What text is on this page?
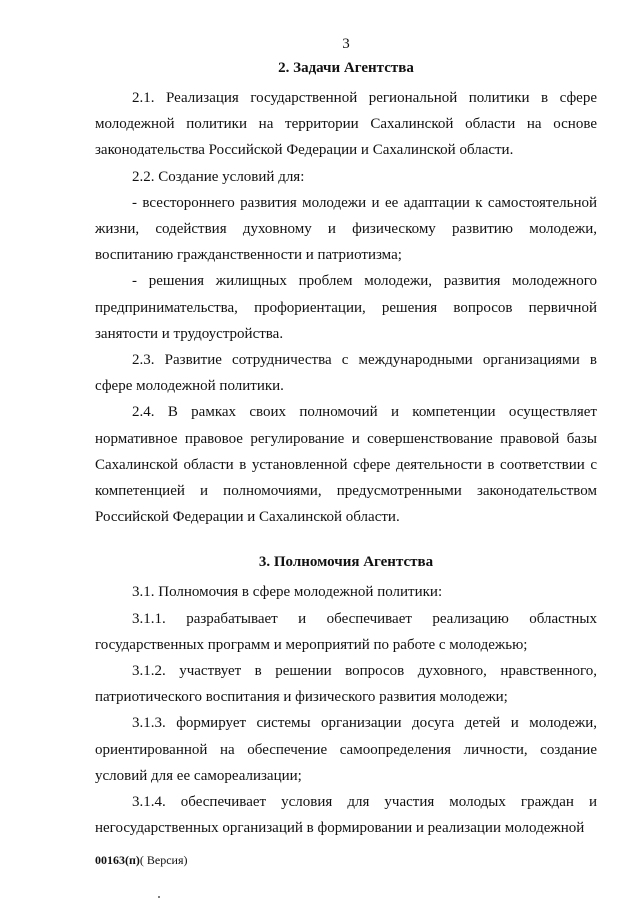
3

2. Задачи Агентства

2.1. Реализация государственной региональной политики в сфере молодежной политики на территории Сахалинской области на основе законодательства Российской Федерации и Сахалинской области.

2.2. Создание условий для:

- всестороннего развития молодежи и ее адаптации к самостоятельной жизни, содействия духовному и физическому развитию молодежи, воспитанию гражданственности и патриотизма;

- решения жилищных проблем молодежи, развития молодежного предпринимательства, профориентации, решения вопросов первичной занятости и трудоустройства.

2.3. Развитие сотрудничества с международными организациями в сфере молодежной политики.

2.4. В рамках своих полномочий и компетенции осуществляет нормативное правовое регулирование и совершенствование правовой базы Сахалинской области в установленной сфере деятельности в соответствии с компетенцией и полномочиями, предусмотренными законодательством Российской Федерации и Сахалинской области.

3. Полномочия Агентства

3.1. Полномочия в сфере молодежной политики:

3.1.1. разрабатывает и обеспечивает реализацию областных государственных программ и мероприятий по работе с молодежью;

3.1.2. участвует в решении вопросов духовного, нравственного, патриотического воспитания и физического развития молодежи;

3.1.3. формирует системы организации досуга детей и молодежи, ориентированной на обеспечение самоопределения личности, создание условий для ее самореализации;

3.1.4. обеспечивает условия для участия молодых граждан и негосударственных организаций в формировании и реализации молодежной

00163(п)( Версия)
